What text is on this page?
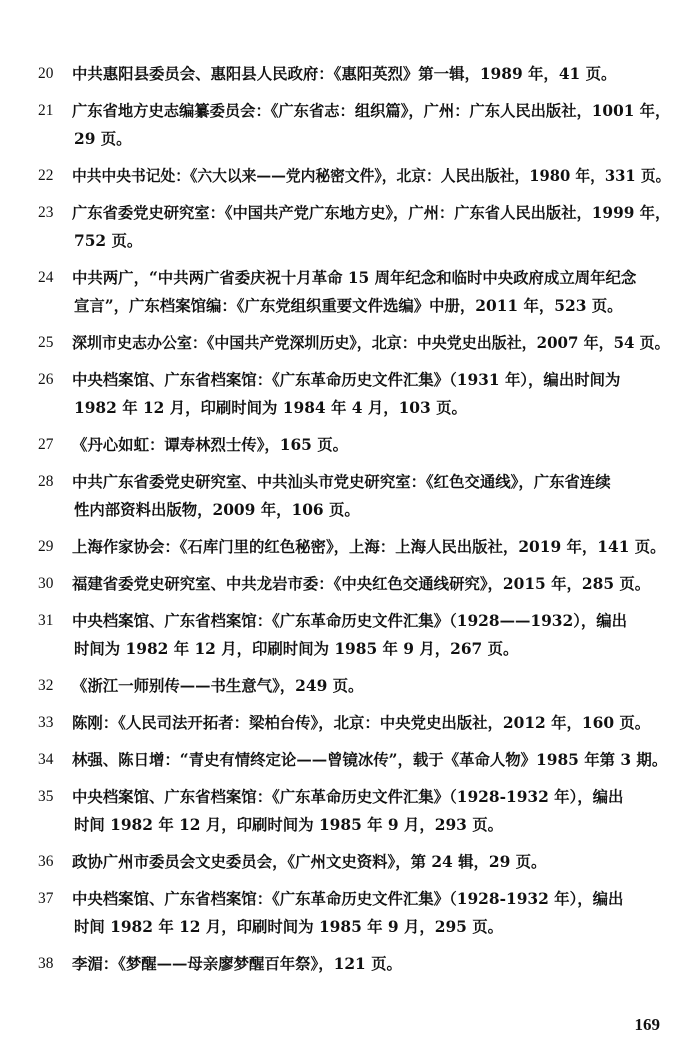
20	中共惠阳县委员会、惠阳县人民政府：《惠阳英烈》第一辑，1989 年，41 页。
21	广东省地方史志编纂委员会：《广东省志：组织篇》，广州：广东人民出版社，1001 年，
29 页。
22	中共中央书记处：《六大以来——党内秘密文件》，北京：人民出版社，1980 年，331 页。
23	广东省委党史研究室：《中国共产党广东地方史》，广州：广东省人民出版社，1999 年，
752 页。
24	中共两广，“中共两广省委庆祝十月革命 15 周年纪念和临时中央政府成立周年纪念
宣言”，广东档案馆编：《广东党组织重要文件选编》中册，2011 年，523 页。
25	深圳市史志办公室：《中国共产党深圳历史》，北京：中央党史出版社，2007 年，54 页。
26	中央档案馆、广东省档案馆：《广东革命历史文件汇集》（1931 年），编出时间为
1982 年 12 月，印刷时间为 1984 年 4 月，103 页。
27	《丹心如虹：谭寿林烈士传》，165 页。
28	中共广东省委党史研究室、中共汕头市党史研究室：《红色交通线》，广东省连续
性内部资料出版物，2009 年，106 页。
29	上海作家协会：《石库门里的红色秘密》，上海：上海人民出版社，2019 年，141 页。
30	福建省委党史研究室、中共龙岩市委：《中央红色交通线研究》，2015 年，285 页。
31	中央档案馆、广东省档案馆：《广东革命历史文件汇集》（1928——1932），编出
时间为 1982 年 12 月，印刷时间为 1985 年 9 月，267 页。
32	《浙江一师别传——书生意气》，249 页。
33	陈刚：《人民司法开拓者：梁柏台传》，北京：中央党史出版社，2012 年，160 页。
34	林强、陈日增：“青史有情终定论——曾镜冰传”，载于《革命人物》1985 年第 3 期。
35	中央档案馆、广东省档案馆：《广东革命历史文件汇集》（1928-1932 年），编出
时间 1982 年 12 月，印刷时间为 1985 年 9 月，293 页。
36	政协广州市委员会文史委员会，《广州文史资料》，第 24 辑，29 页。
37	中央档案馆、广东省档案馆：《广东革命历史文件汇集》（1928-1932 年），编出
时间 1982 年 12 月，印刷时间为 1985 年 9 月，295 页。
38	李湄：《梦醒——母亲廖梦醒百年祭》，121 页。
169
